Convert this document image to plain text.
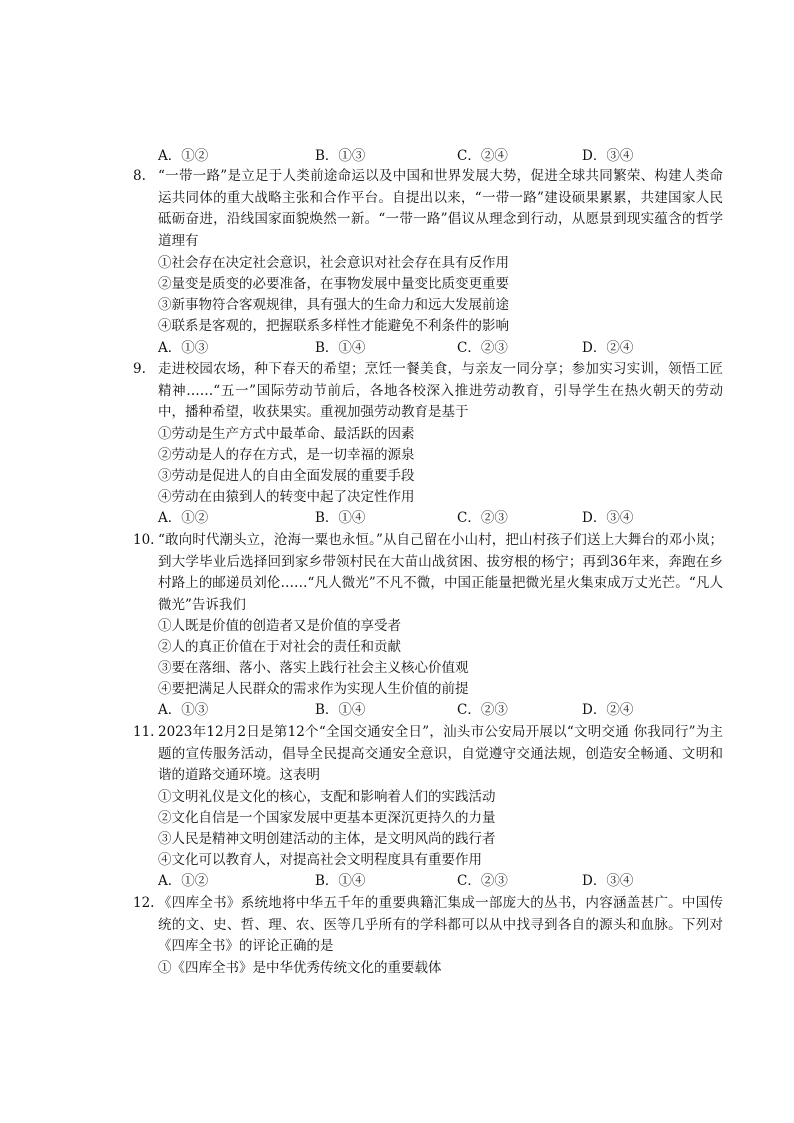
A．①②	B．①③	C．②④	D．③④
8. “一带一路”是立足于人类前途命运以及中国和世界发展大势，促进全球共同繁荣、构建人类命运共同体的重大战略主张和合作平台。自提出以来，“一带一路”建设硕果累累，共建国家人民砥砺奋进，沿线国家面貌焕然一新。“一带一路”倡议从理念到行动，从愿景到现实蕴含的哲学道理有
①社会存在决定社会意识，社会意识对社会存在具有反作用
②量变是质变的必要准备，在事物发展中量变比质变更重要
③新事物符合客观规律，具有强大的生命力和远大发展前途
④联系是客观的，把握联系多样性才能避免不利条件的影响
A．①③	B．①④	C．②③	D．②④
9. 走进校园农场，种下春天的希望；烹饪一餐美食，与亲友一同分享；参加实习实训，领悟工匠精神……“五一”国际劳动节前后，各地各校深入推进劳动教育，引导学生在热火朝天的劳动中，播种希望，收获果实。重视加强劳动教育是基于
①劳动是生产方式中最革命、最活跃的因素
②劳动是人的存在方式，是一切幸福的源泉
③劳动是促进人的自由全面发展的重要手段
④劳动在由猿到人的转变中起了决定性作用
A．①②	B．①④	C．②③	D．③④
10. “敢向时代潮头立，沧海一粟也永恒。”从自己留在小山村，把山村孩子们送上大舞台的邓小岚；到大学毕业后选择回到家乡带领村民在大苗山战贫困、拔穷根的杨宁；再到36年来，奔跑在乡村路上的邮递员刘伦……“凡人微光”不凡不微，中国正能量把微光星火集束成万丈光芒。“凡人微光”告诉我们
①人既是价值的创造者又是价值的享受者
②人的真正价值在于对社会的责任和贡献
③要在落细、落小、落实上践行社会主义核心价值观
④要把满足人民群众的需求作为实现人生价值的前提
A．①③	B．①④	C．②③	D．②④
11. 2023年12月2日是第12个“全国交通安全日”，汕头市公安局开展以“文明交通 你我同行”为主题的宣传服务活动，倡导全民提高交通安全意识，自觉遵守交通法规，创造安全畅通、文明和谐的道路交通环境。这表明
①文明礼仪是文化的核心，支配和影响着人们的实践活动
②文化自信是一个国家发展中更基本更深沉更持久的力量
③人民是精神文明创建活动的主体，是文明风尚的践行者
④文化可以教育人，对提高社会文明程度具有重要作用
A．①②	B．①④	C．②③	D．③④
12. 《四库全书》系统地将中华五千年的重要典籍汇集成一部庞大的丛书，内容涵盖甚广。中国传统的文、史、哲、理、农、医等几乎所有的学科都可以从中找寻到各自的源头和血脉。下列对《四库全书》的评论正确的是
①《四库全书》是中华优秀传统文化的重要载体
